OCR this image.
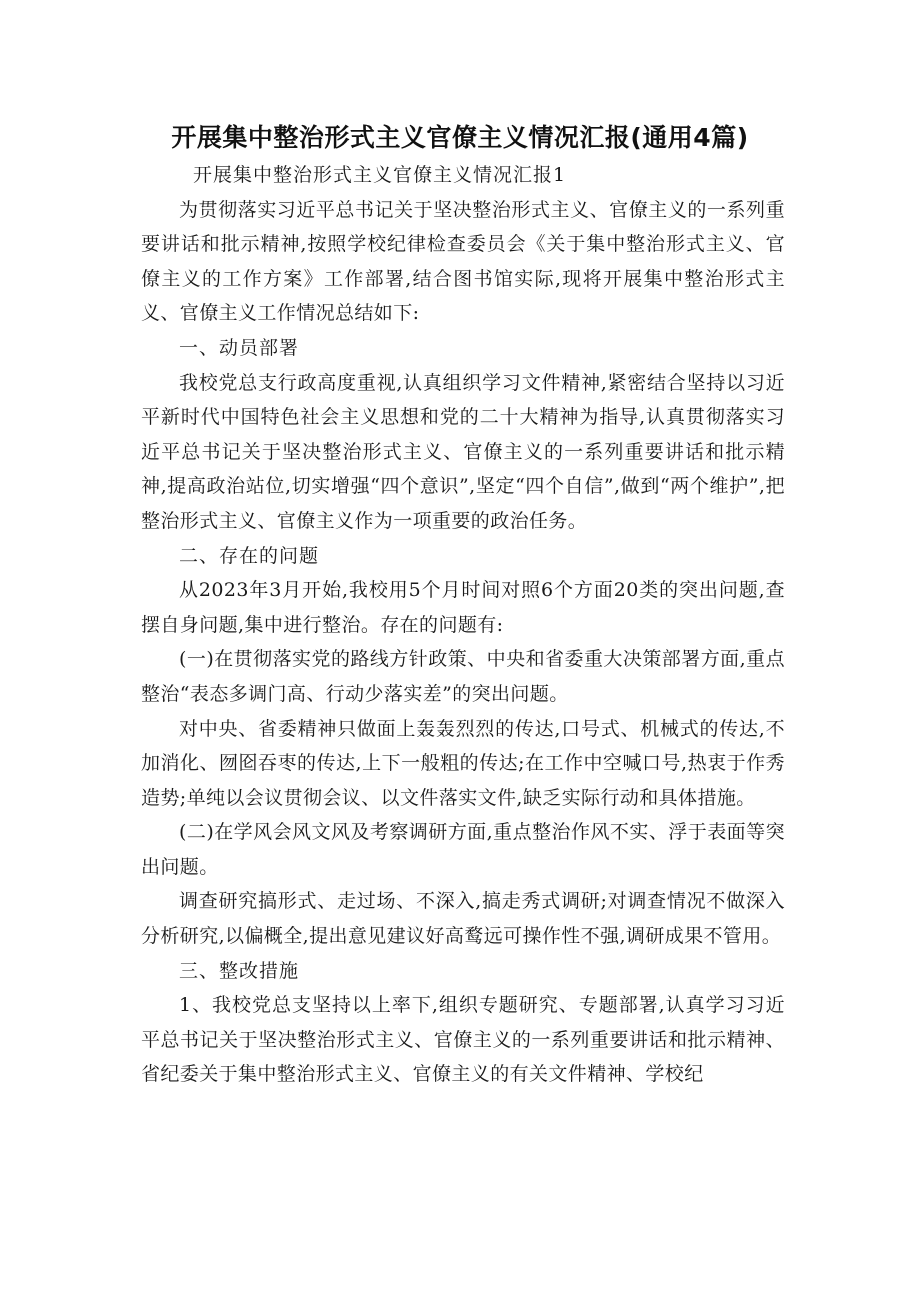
开展集中整治形式主义官僚主义情况汇报(通用4篇)

开展集中整治形式主义官僚主义情况汇报1

为贯彻落实习近平总书记关于坚决整治形式主义、官僚主义的一系列重要讲话和批示精神,按照学校纪律检查委员会《关于集中整治形式主义、官僚主义的工作方案》工作部署,结合图书馆实际,现将开展集中整治形式主义、官僚主义工作情况总结如下:

一、动员部署

我校党总支行政高度重视,认真组织学习文件精神,紧密结合坚持以习近平新时代中国特色社会主义思想和党的二十大精神为指导,认真贯彻落实习近平总书记关于坚决整治形式主义、官僚主义的一系列重要讲话和批示精神,提高政治站位,切实增强“四个意识”,坚定“四个自信”,做到“两个维护”,把整治形式主义、官僚主义作为一项重要的政治任务。

二、存在的问题

从2023年3月开始,我校用5个月时间对照6个方面20类的突出问题,查摆自身问题,集中进行整治。存在的问题有:

(一)在贯彻落实党的路线方针政策、中央和省委重大决策部署方面,重点整治“表态多调门高、行动少落实差”的突出问题。

对中央、省委精神只做面上轰轰烈烈的传达,口号式、机械式的传达,不加消化、囫囵吞枣的传达,上下一般粗的传达;在工作中空喊口号,热衷于作秀造势;单纯以会议贯彻会议、以文件落实文件,缺乏实际行动和具体措施。

(二)在学风会风文风及考察调研方面,重点整治作风不实、浮于表面等突出问题。

调查研究搞形式、走过场、不深入,搞走秀式调研;对调查情况不做深入分析研究,以偏概全,提出意见建议好高鹜远可操作性不强,调研成果不管用。

三、整改措施

1、我校党总支坚持以上率下,组织专题研究、专题部署,认真学习习近平总书记关于坚决整治形式主义、官僚主义的一系列重要讲话和批示精神、省纪委关于集中整治形式主义、官僚主义的有关文件精神、学校纪
